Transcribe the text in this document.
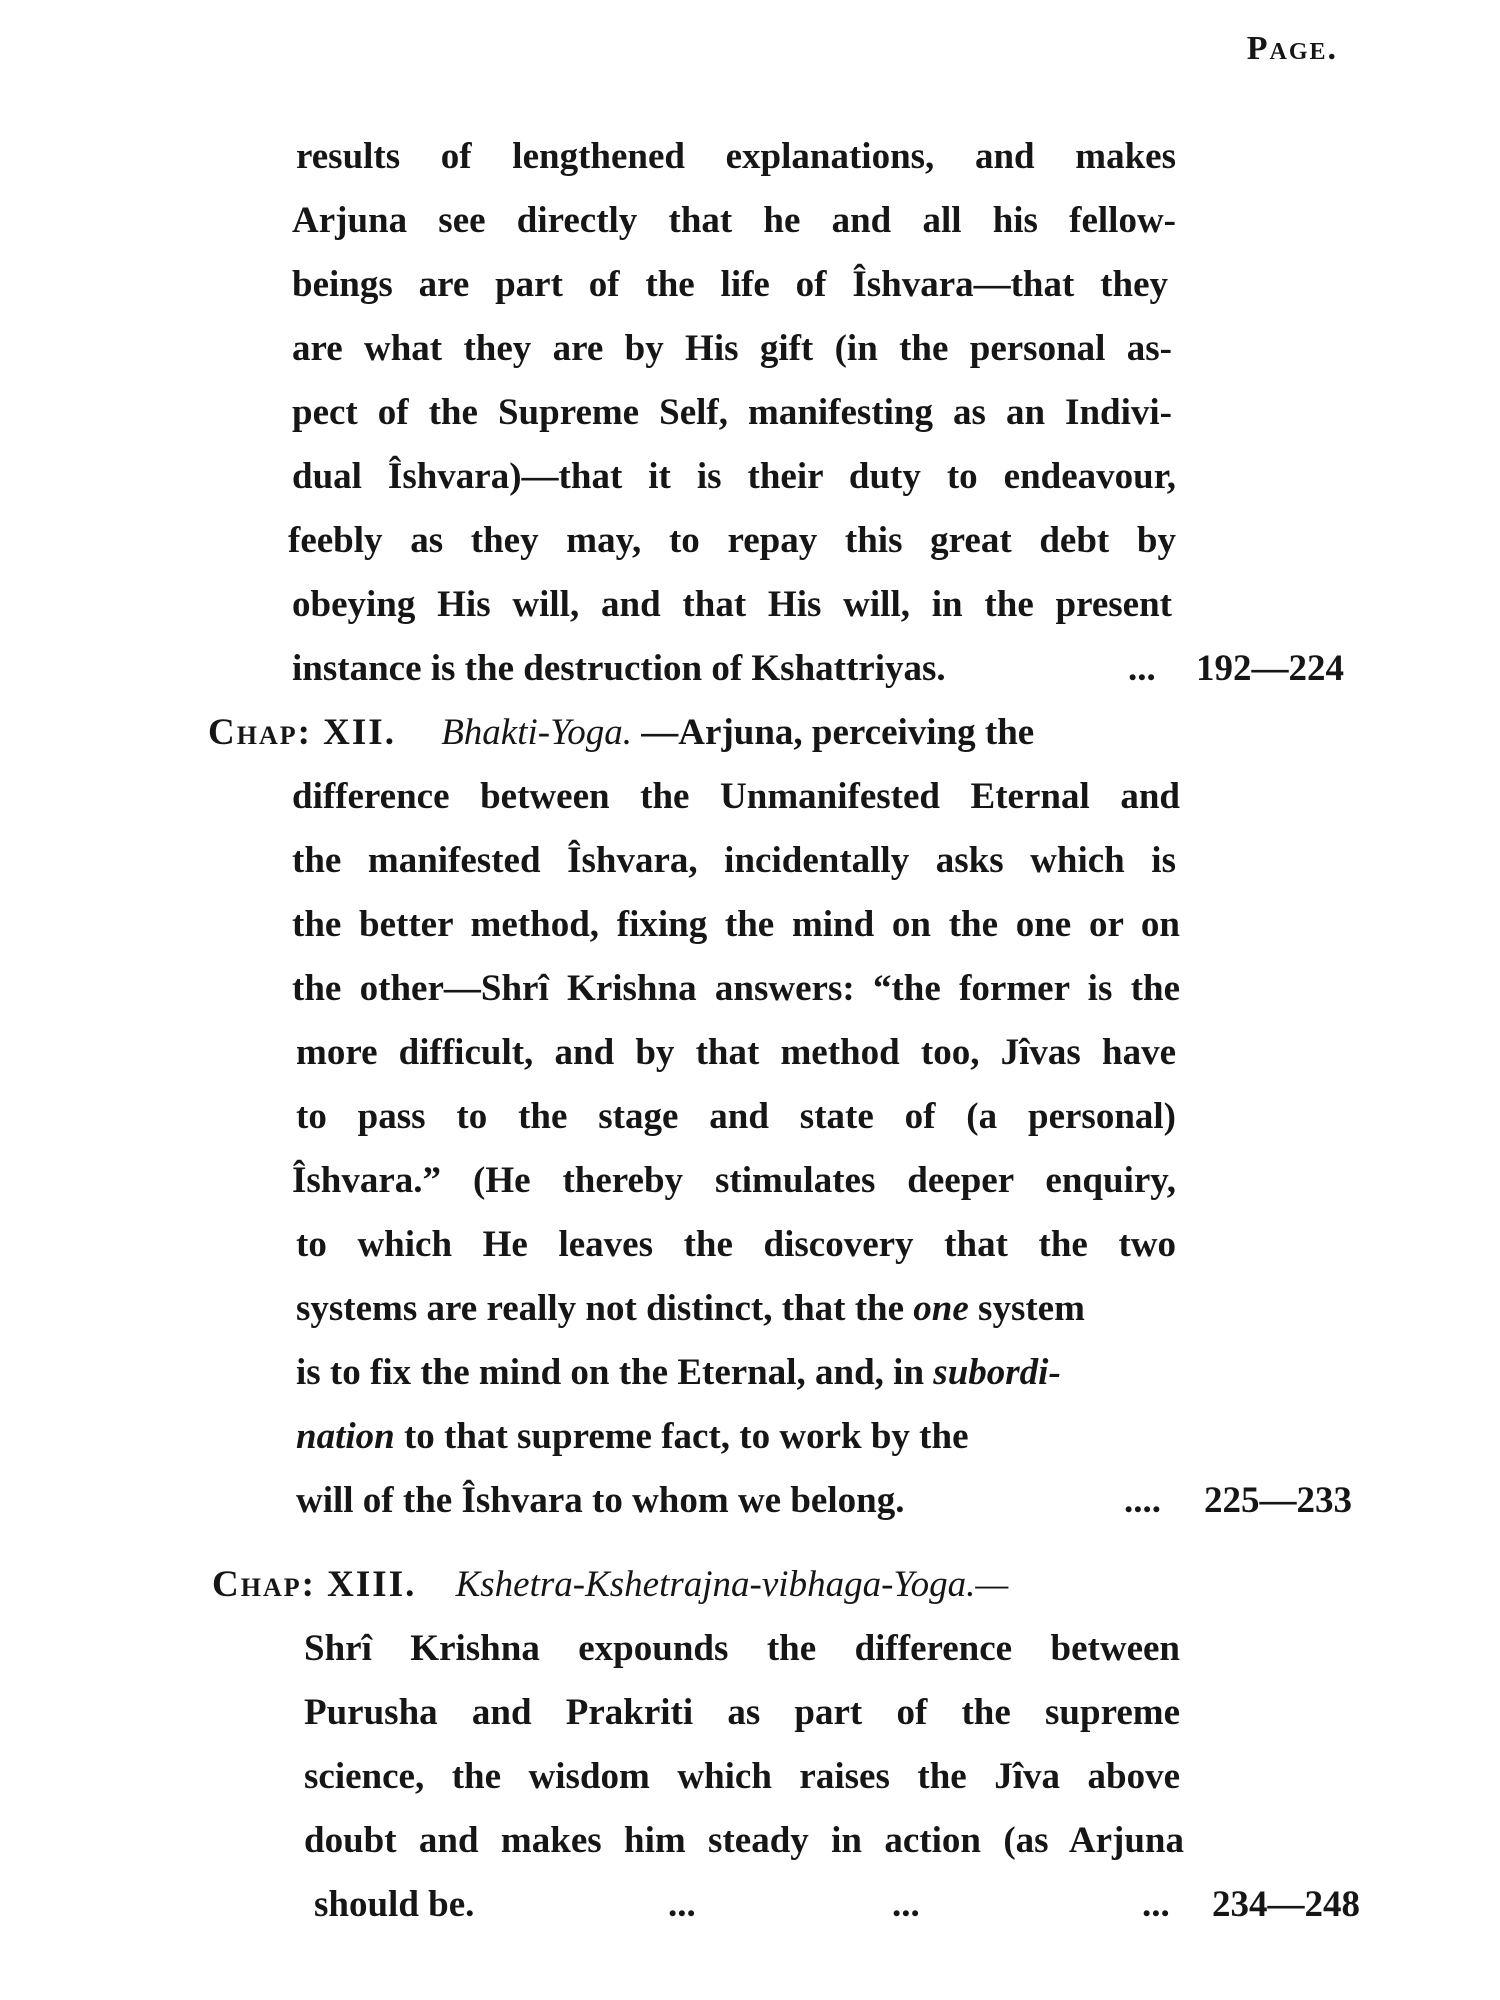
Page.
results of lengthened explanations, and makes
Arjuna see directly that he and all his fellow-
beings are part of the life of Îshvara—that they
are what they are by His gift (in the personal as-
pect of the Supreme Self, manifesting as an Indivi-
dual Îshvara)—that it is their duty to endeavour,
feebly as they may, to repay this great debt by
obeying His will, and that His will, in the present
instance is the destruction of Kshattriyas.	... 192—224
Chap: XII. Bhakti-Yoga. —Arjuna, perceiving the
difference between the Unmanifested Eternal and
the manifested Îshvara, incidentally asks which is
the better method, fixing the mind on the one or on
the other—Shrî Krishna answers: “the former is the
more difficult, and by that method too, Jîvas have
to pass to the stage and state of (a personal)
Îshvara.” (He thereby stimulates deeper enquiry,
to which He leaves the discovery that the two
systems are really not distinct, that the one system
is to fix the mind on the Eternal, and, in subordi-
nation to that supreme fact, to work by the
will of the Îshvara to whom we belong.	.... 225—233
Chap: XIII. Kshetra-Kshetrajna-vibhaga-Yoga.—
Shrî Krishna expounds the difference between
Purusha and Prakriti as part of the supreme
science, the wisdom which raises the Jîva above
doubt and makes him steady in action (as Arjuna
should be.	...	...	... 234—248
